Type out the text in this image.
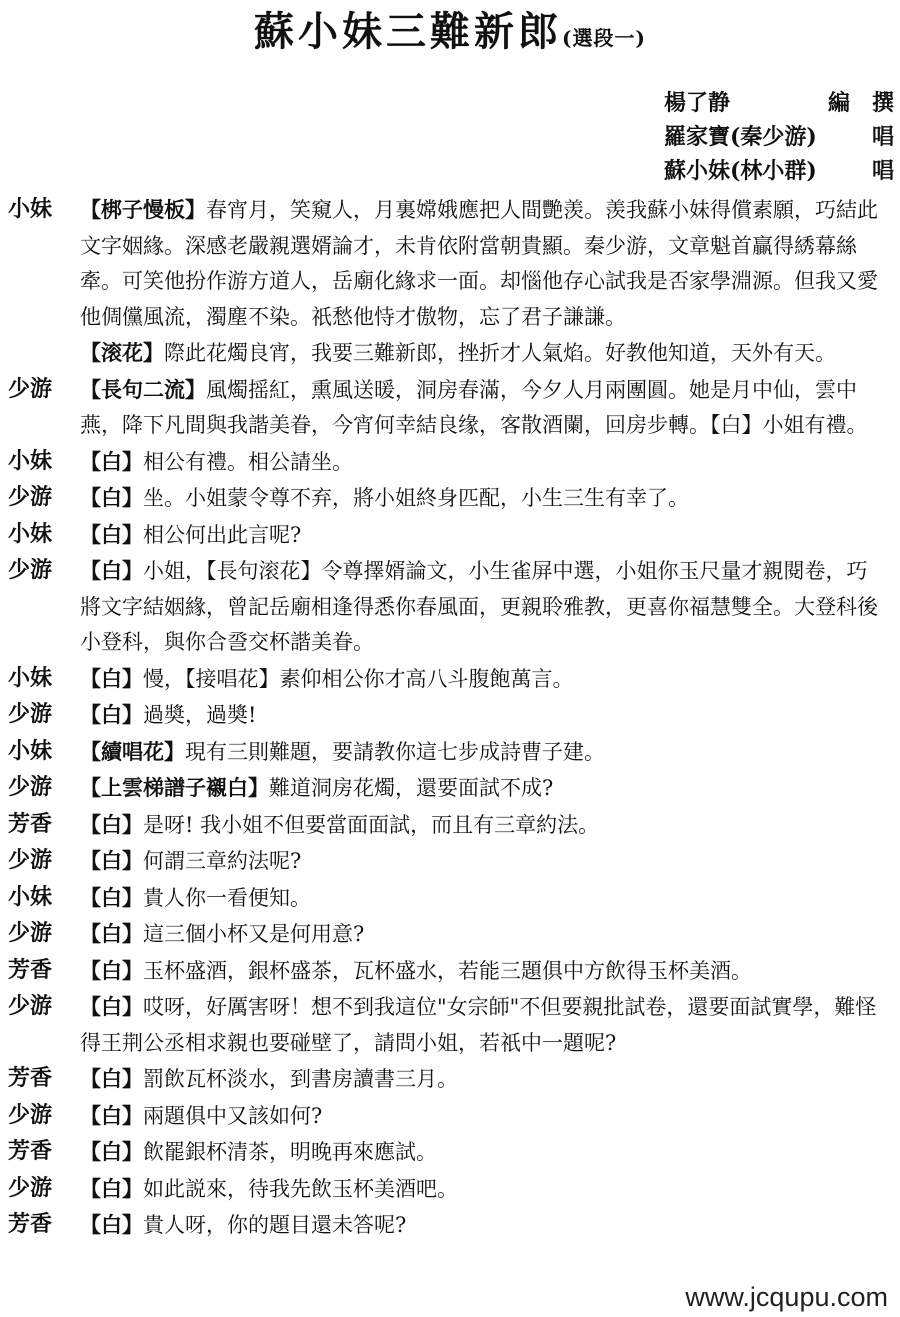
蘇小妹三難新郎(選段一)
楊了静	編　撰
羅家寶(秦少游)	唱
蘇小妹(林小群)	唱
小妹	【梆子慢板】春宵月，笑窺人，月裏嫦娥應把人間艷羡。羡我蘇小妹得償素願，巧結此文字姻緣。深感老嚴親選婿論才，未肯依附當朝貴顯。秦少游，文章魁首贏得綉幕絲牽。可笑他扮作游方道人，岳廟化緣求一面。却惱他存心試我是否家學淵源。但我又愛他倜儻風流，濁塵不染。祇愁他恃才傲物，忘了君子謙謙。
【滚花】際此花燭良宵，我要三難新郎，挫折才人氣焰。好教他知道，天外有天。
少游	【長句二流】風燭摇紅，熏風送暖，洞房春滿，今夕人月兩團圓。她是月中仙，雲中燕，降下凡間與我諧美眷，今宵何幸結良缘，客散酒闌，回房步轉。【白】小姐有禮。
小妹	【白】相公有禮。相公請坐。
少游	【白】坐。小姐蒙令尊不弃，將小姐終身匹配，小生三生有幸了。
小妹	【白】相公何出此言呢?
少游	【白】小姐，【長句滚花】令尊擇婿論文，小生雀屏中選，小姐你玉尺量才親閱卷，巧將文字結姻緣，曾記岳廟相逢得悉你春風面，更親聆雅教，更喜你福慧雙全。大登科後小登科，與你合巹交杯諧美眷。
小妹	【白】慢，【接唱花】素仰相公你才高八斗腹飽萬言。
少游	【白】過奬，過奬!
小妹	【續唱花】現有三則難題，要請教你這七步成詩曹子建。
少游	【上雲梯譜子襯白】難道洞房花燭，還要面試不成?
芳香	【白】是呀! 我小姐不但要當面面試，而且有三章約法。
少游	【白】何謂三章約法呢?
小妹	【白】貴人你一看便知。
少游	【白】這三個小杯又是何用意?
芳香	【白】玉杯盛酒，銀杯盛茶，瓦杯盛水，若能三題俱中方飲得玉杯美酒。
少游	【白】哎呀，好厲害呀！想不到我這位"女宗師"不但要親批試卷，還要面試實學，難怪得王荆公丞相求親也要碰壁了，請問小姐，若祇中一題呢?
芳香	【白】罰飲瓦杯淡水，到書房讀書三月。
少游	【白】兩題俱中又該如何?
芳香	【白】飲罷銀杯清茶，明晚再來應試。
少游	【白】如此説來，待我先飲玉杯美酒吧。
芳香	【白】貴人呀，你的題目還未答呢?
www.jcqupu.com
